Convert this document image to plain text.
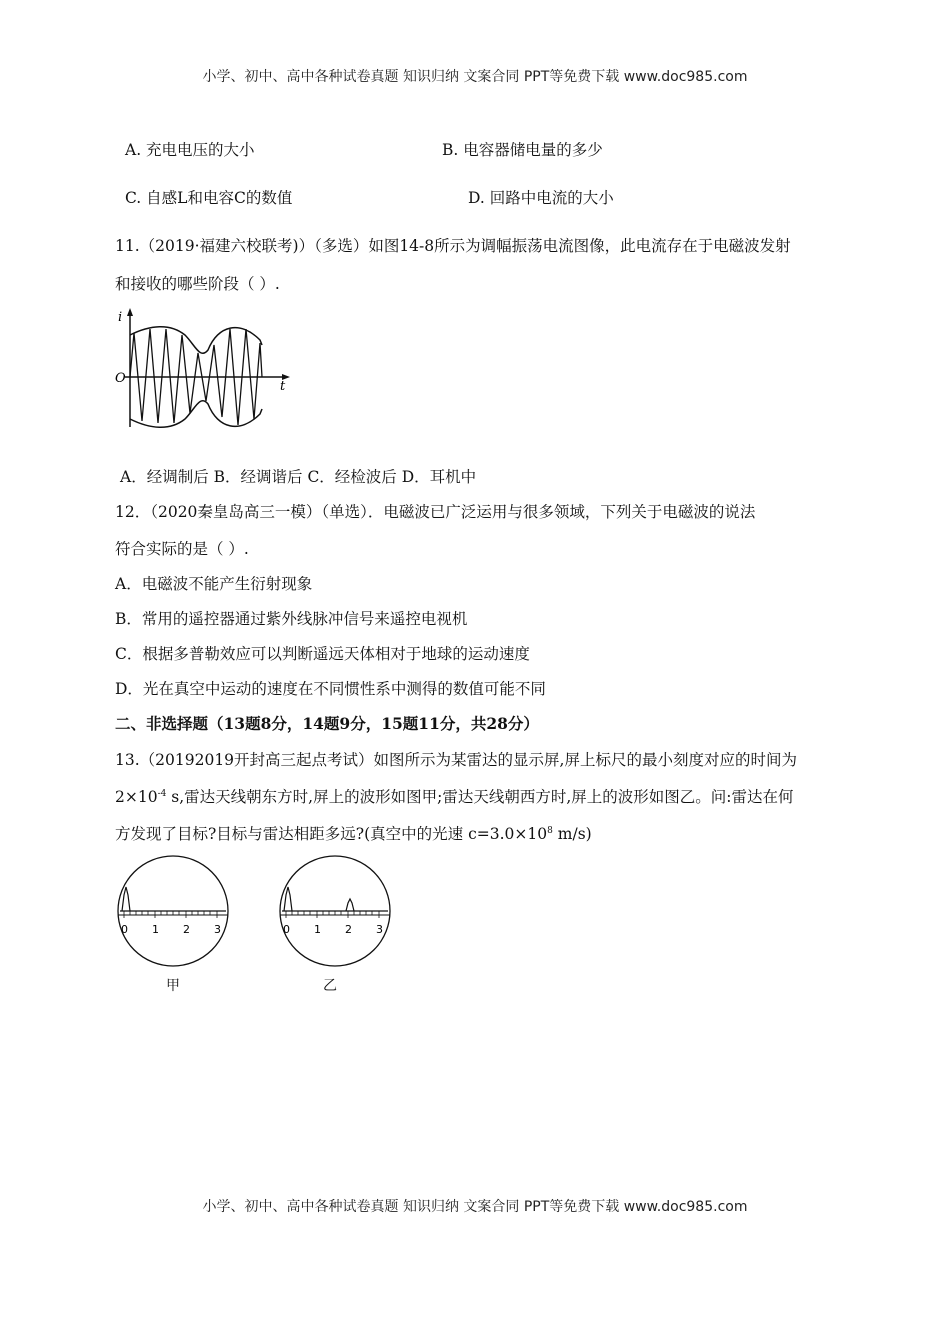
小学、初中、高中各种试卷真题 知识归纳 文案合同 PPT等免费下载 www.doc985.com
A. 充电电压的大小	B. 电容器储电量的多少
C. 自感L和电容C的数值	D. 回路中电流的大小
11.（2019·福建六校联考)）（多选）如图14-8所示为调幅振荡电流图像，此电流存在于电磁波发射
和接收的哪些阶段（ ）.
i
O
t
A．经调制后 B．经调谐后 C．经检波后 D．耳机中
12．（2020秦皇岛高三一模）（单选）．电磁波已广泛运用与很多领域，下列关于电磁波的说法
符合实际的是（ ）.
A．电磁波不能产生衍射现象
B．常用的遥控器通过紫外线脉冲信号来遥控电视机
C．根据多普勒效应可以判断遥远天体相对于地球的运动速度
D．光在真空中运动的速度在不同惯性系中测得的数值可能不同
二、非选择题（13题8分，14题9分，15题11分，共28分）
13.（20192019开封高三起点考试）如图所示为某雷达的显示屏,屏上标尺的最小刻度对应的时间为
$2\times 10^{-4}$ s,雷达天线朝东方时,屏上的波形如图甲;雷达天线朝西方时,屏上的波形如图乙。问:雷达在何
方发现了目标?目标与雷达相距多远?(真空中的光速 $c=3.0\times 10^8$ m/s)
0 1 2 3	0 1 2 3
甲	乙
小学、初中、高中各种试卷真题 知识归纳 文案合同 PPT等免费下载 www.doc985.com
